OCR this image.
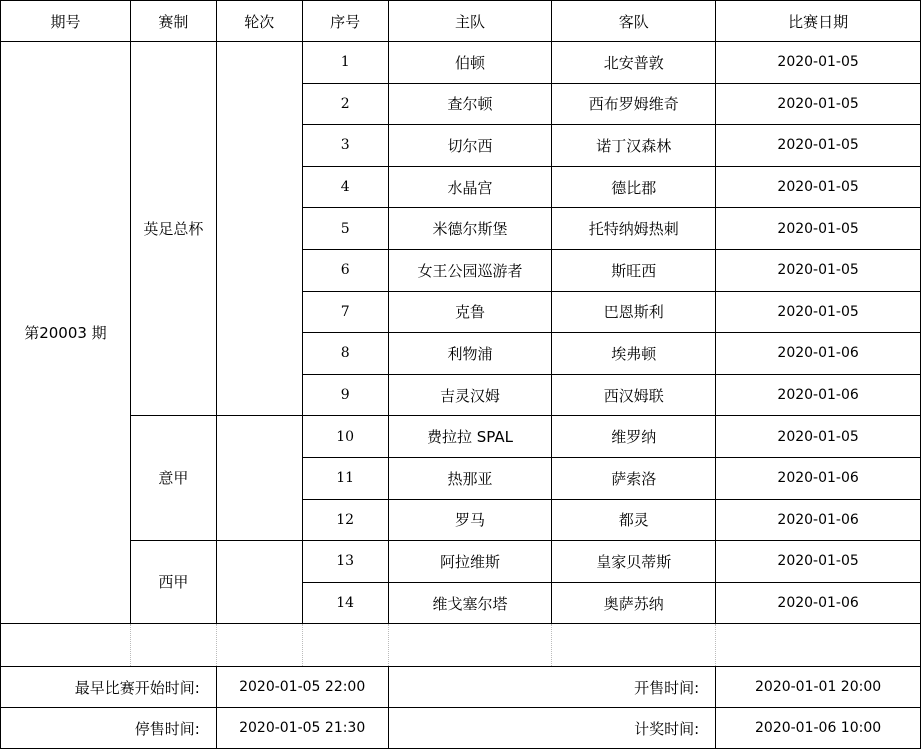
期号	赛制	轮次	序号	主队	客队	比赛日期
第20003 期	英足总杯		1	伯顿	北安普敦	2020-01-05
			2	查尔顿	西布罗姆维奇	2020-01-05
			3	切尔西	诺丁汉森林	2020-01-05
			4	水晶宫	德比郡	2020-01-05
			5	米德尔斯堡	托特纳姆热刺	2020-01-05
			6	女王公园巡游者	斯旺西	2020-01-05
			7	克鲁	巴恩斯利	2020-01-05
			8	利物浦	埃弗顿	2020-01-06
			9	吉灵汉姆	西汉姆联	2020-01-06
	意甲		10	费拉拉 SPAL	维罗纳	2020-01-05
			11	热那亚	萨索洛	2020-01-06
			12	罗马	都灵	2020-01-06
	西甲		13	阿拉维斯	皇家贝蒂斯	2020-01-05
			14	维戈塞尔塔	奥萨苏纳	2020-01-06

最早比赛开始时间:		2020-01-05 22:00		开售时间:		2020-01-01 20:00
停售时间:		2020-01-05 21:30		计奖时间:		2020-01-06 10:00
